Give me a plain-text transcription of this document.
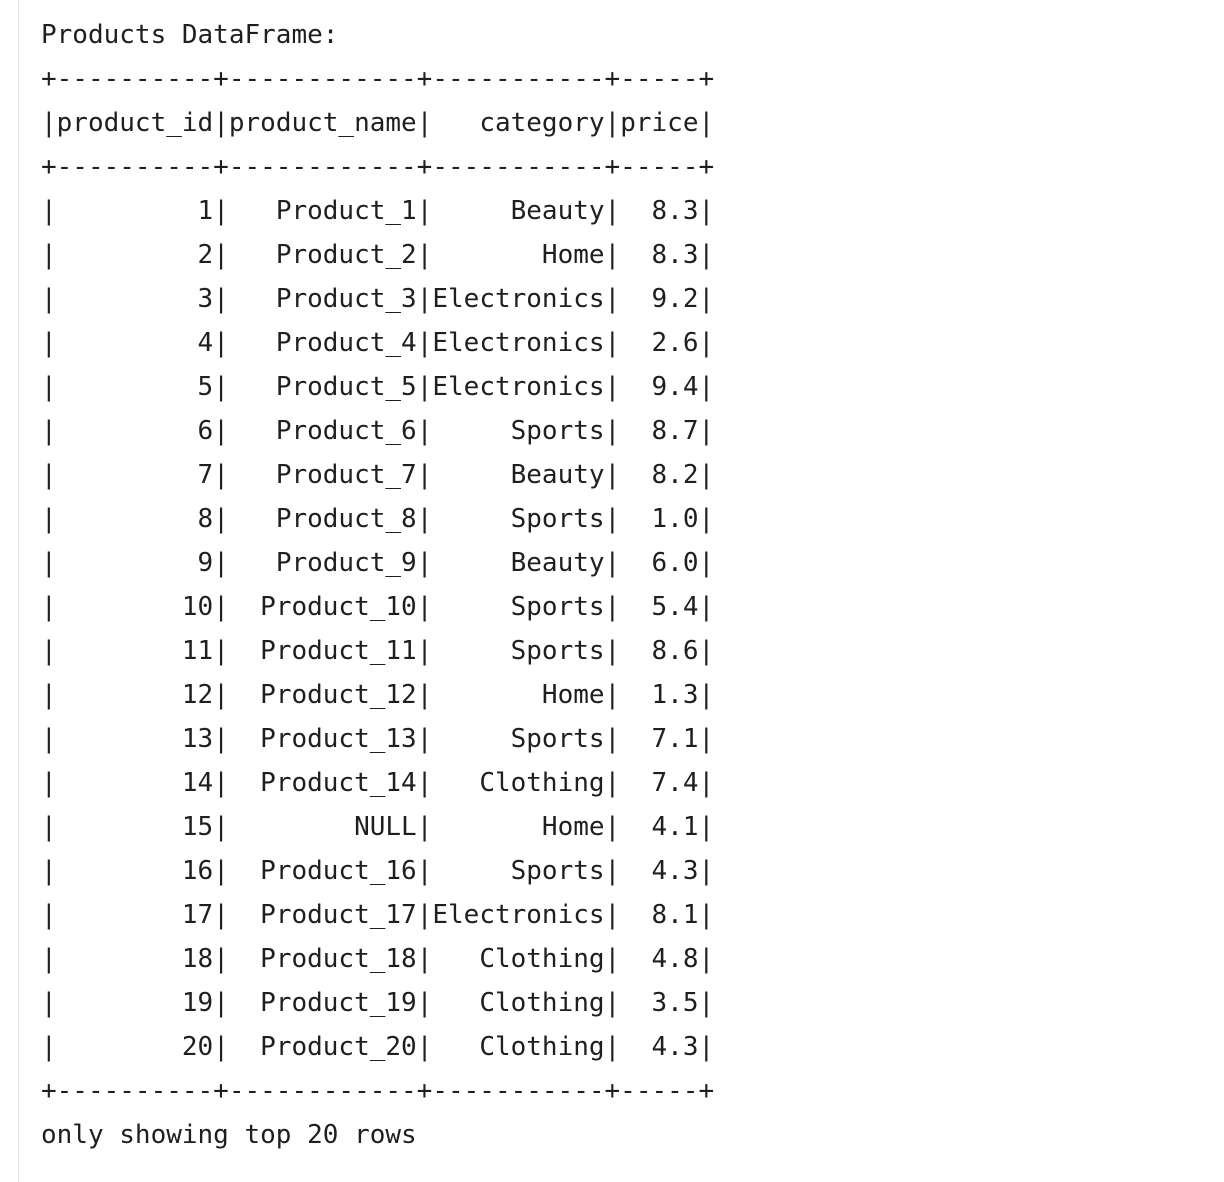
Products DataFrame:
+----------+------------+-----------+-----+
|product_id|product_name|   category|price|
+----------+------------+-----------+-----+
|         1|   Product_1|     Beauty|  8.3|
|         2|   Product_2|       Home|  8.3|
|         3|   Product_3|Electronics|  9.2|
|         4|   Product_4|Electronics|  2.6|
|         5|   Product_5|Electronics|  9.4|
|         6|   Product_6|     Sports|  8.7|
|         7|   Product_7|     Beauty|  8.2|
|         8|   Product_8|     Sports|  1.0|
|         9|   Product_9|     Beauty|  6.0|
|        10|  Product_10|     Sports|  5.4|
|        11|  Product_11|     Sports|  8.6|
|        12|  Product_12|       Home|  1.3|
|        13|  Product_13|     Sports|  7.1|
|        14|  Product_14|   Clothing|  7.4|
|        15|        NULL|       Home|  4.1|
|        16|  Product_16|     Sports|  4.3|
|        17|  Product_17|Electronics|  8.1|
|        18|  Product_18|   Clothing|  4.8|
|        19|  Product_19|   Clothing|  3.5|
|        20|  Product_20|   Clothing|  4.3|
+----------+------------+-----------+-----+
only showing top 20 rows
